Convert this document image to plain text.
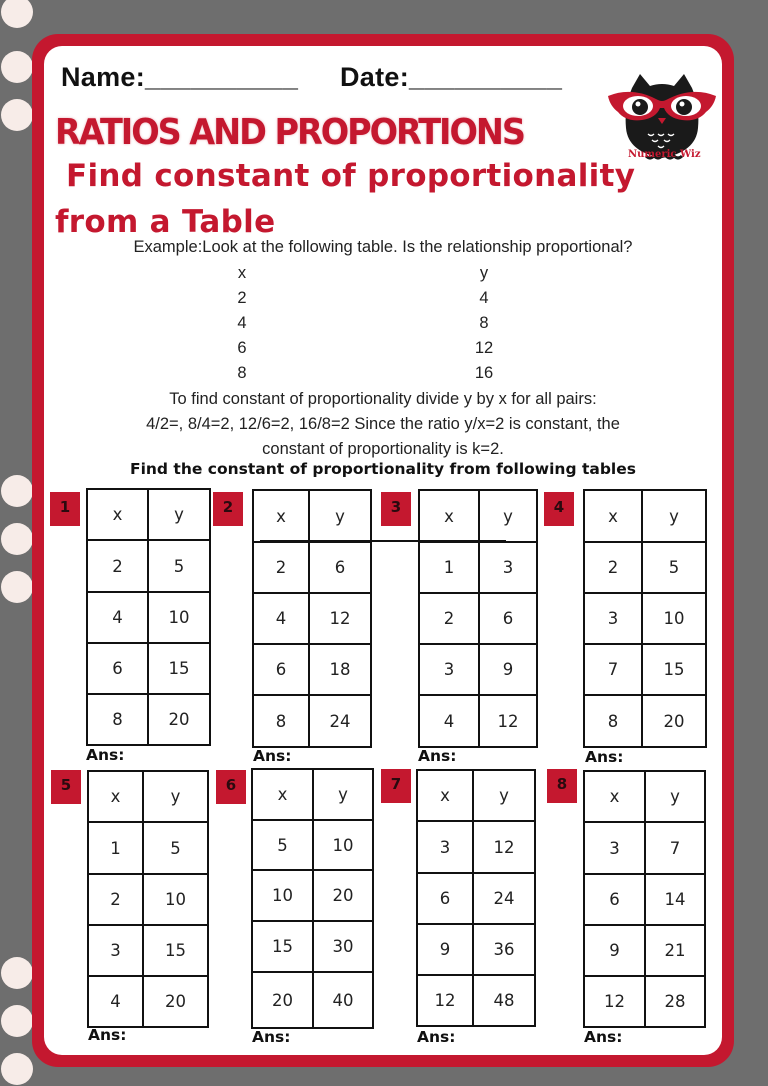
Name:__________ Date:__________
RATIOS AND PROPORTIONS
Find constant of proportionality
from a Table
Numeric Wiz
Example:Look at the following table. Is the relationship proportional?
x	y
2	4
4	8
6	12
8	16
To find constant of proportionality divide y by x for all pairs:
4/2=, 8/4=2, 12/6=2, 16/8=2 Since the ratio y/x=2 is constant, the
constant of proportionality is k=2.
Find the constant of proportionality from following tables
1	x	y
2	5
4	10
6	15
8	20
Ans:
2	x	y
2	6
4	12
6	18
8	24
Ans:
3	x	y
1	3
2	6
3	9
4	12
Ans:
4	x	y
2	5
3	10
7	15
8	20
Ans:
5
x	y
1	5
2	10
3	15
4	20
Ans:
6	x	y
5	10
10	20
15	30
20	40
Ans:
7
x	y
3	12
6	24
9	36
12	48
Ans:
8
x	y
3	7
6	14
9	21
12	28
Ans:
